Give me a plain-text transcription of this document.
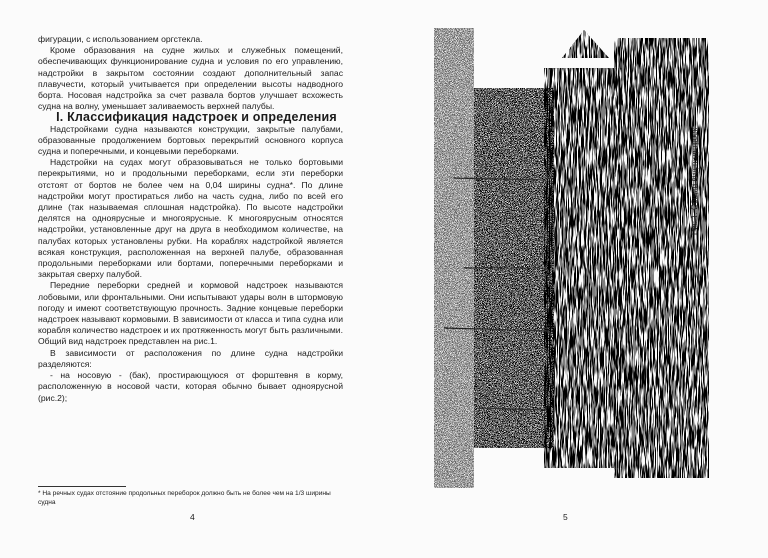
фигурации, с использованием оргстекла.

Кроме образования на судне жилых и служебных помещений, обеспечивающих функционирование судна и условия по его управлению, надстройки в закрытом состоянии создают дополнительный запас плавучести, который учитывается при определении высоты надводного борта. Носовая надстройка за счет развала бортов улучшает всхожесть судна на волну, уменьшает заливаемость верхней палубы.

I. Классификация надстроек и определения

Надстройками судна называются конструкции, закрытые палубами, образованные продолжением бортовых перекрытий основного корпуса судна и поперечными, и концевыми переборками.

Надстройки на судах могут образовываться не только бортовыми перекрытиями, но и продольными переборками, если эти переборки отстоят от бортов не более чем на 0,04 ширины судна*. По длине надстройки могут простираться либо на часть судна, либо по всей его длине (так называемая сплошная надстройка). По высоте надстройки делятся на одноярусные и многоярусные. К многоярусным относятся надстройки, установленные друг на друга в необходимом количестве, на палубах которых установлены рубки. На кораблях надстройкой является всякая конструкция, расположенная на верхней палубе, образованная продольными переборками или бортами, поперечными переборками и закрытая сверху палубой.

Передние переборки средней и кормовой надстроек называются лобовыми, или фронтальными. Они испытывают удары волн в штормовую погоду и имеют соответствующую прочность. Задние концевые переборки надстроек называют кормовыми. В зависимости от класса и типа судна или корабля количество надстроек и их протяженность могут быть различными. Общий вид надстроек представлен на рис.1.

В зависимости от расположения по длине судна надстройки разделяются:

- на носовую - (бак), простирающуюся от форштевня в корму, расположенную в носовой части, которая обычно бывает одноярусной (рис.2);

* На речных судах отстояние продольных переборок должно быть не более чем на 1/3 ширины судна
4
Рис.1. Общий вид надстроек
5
